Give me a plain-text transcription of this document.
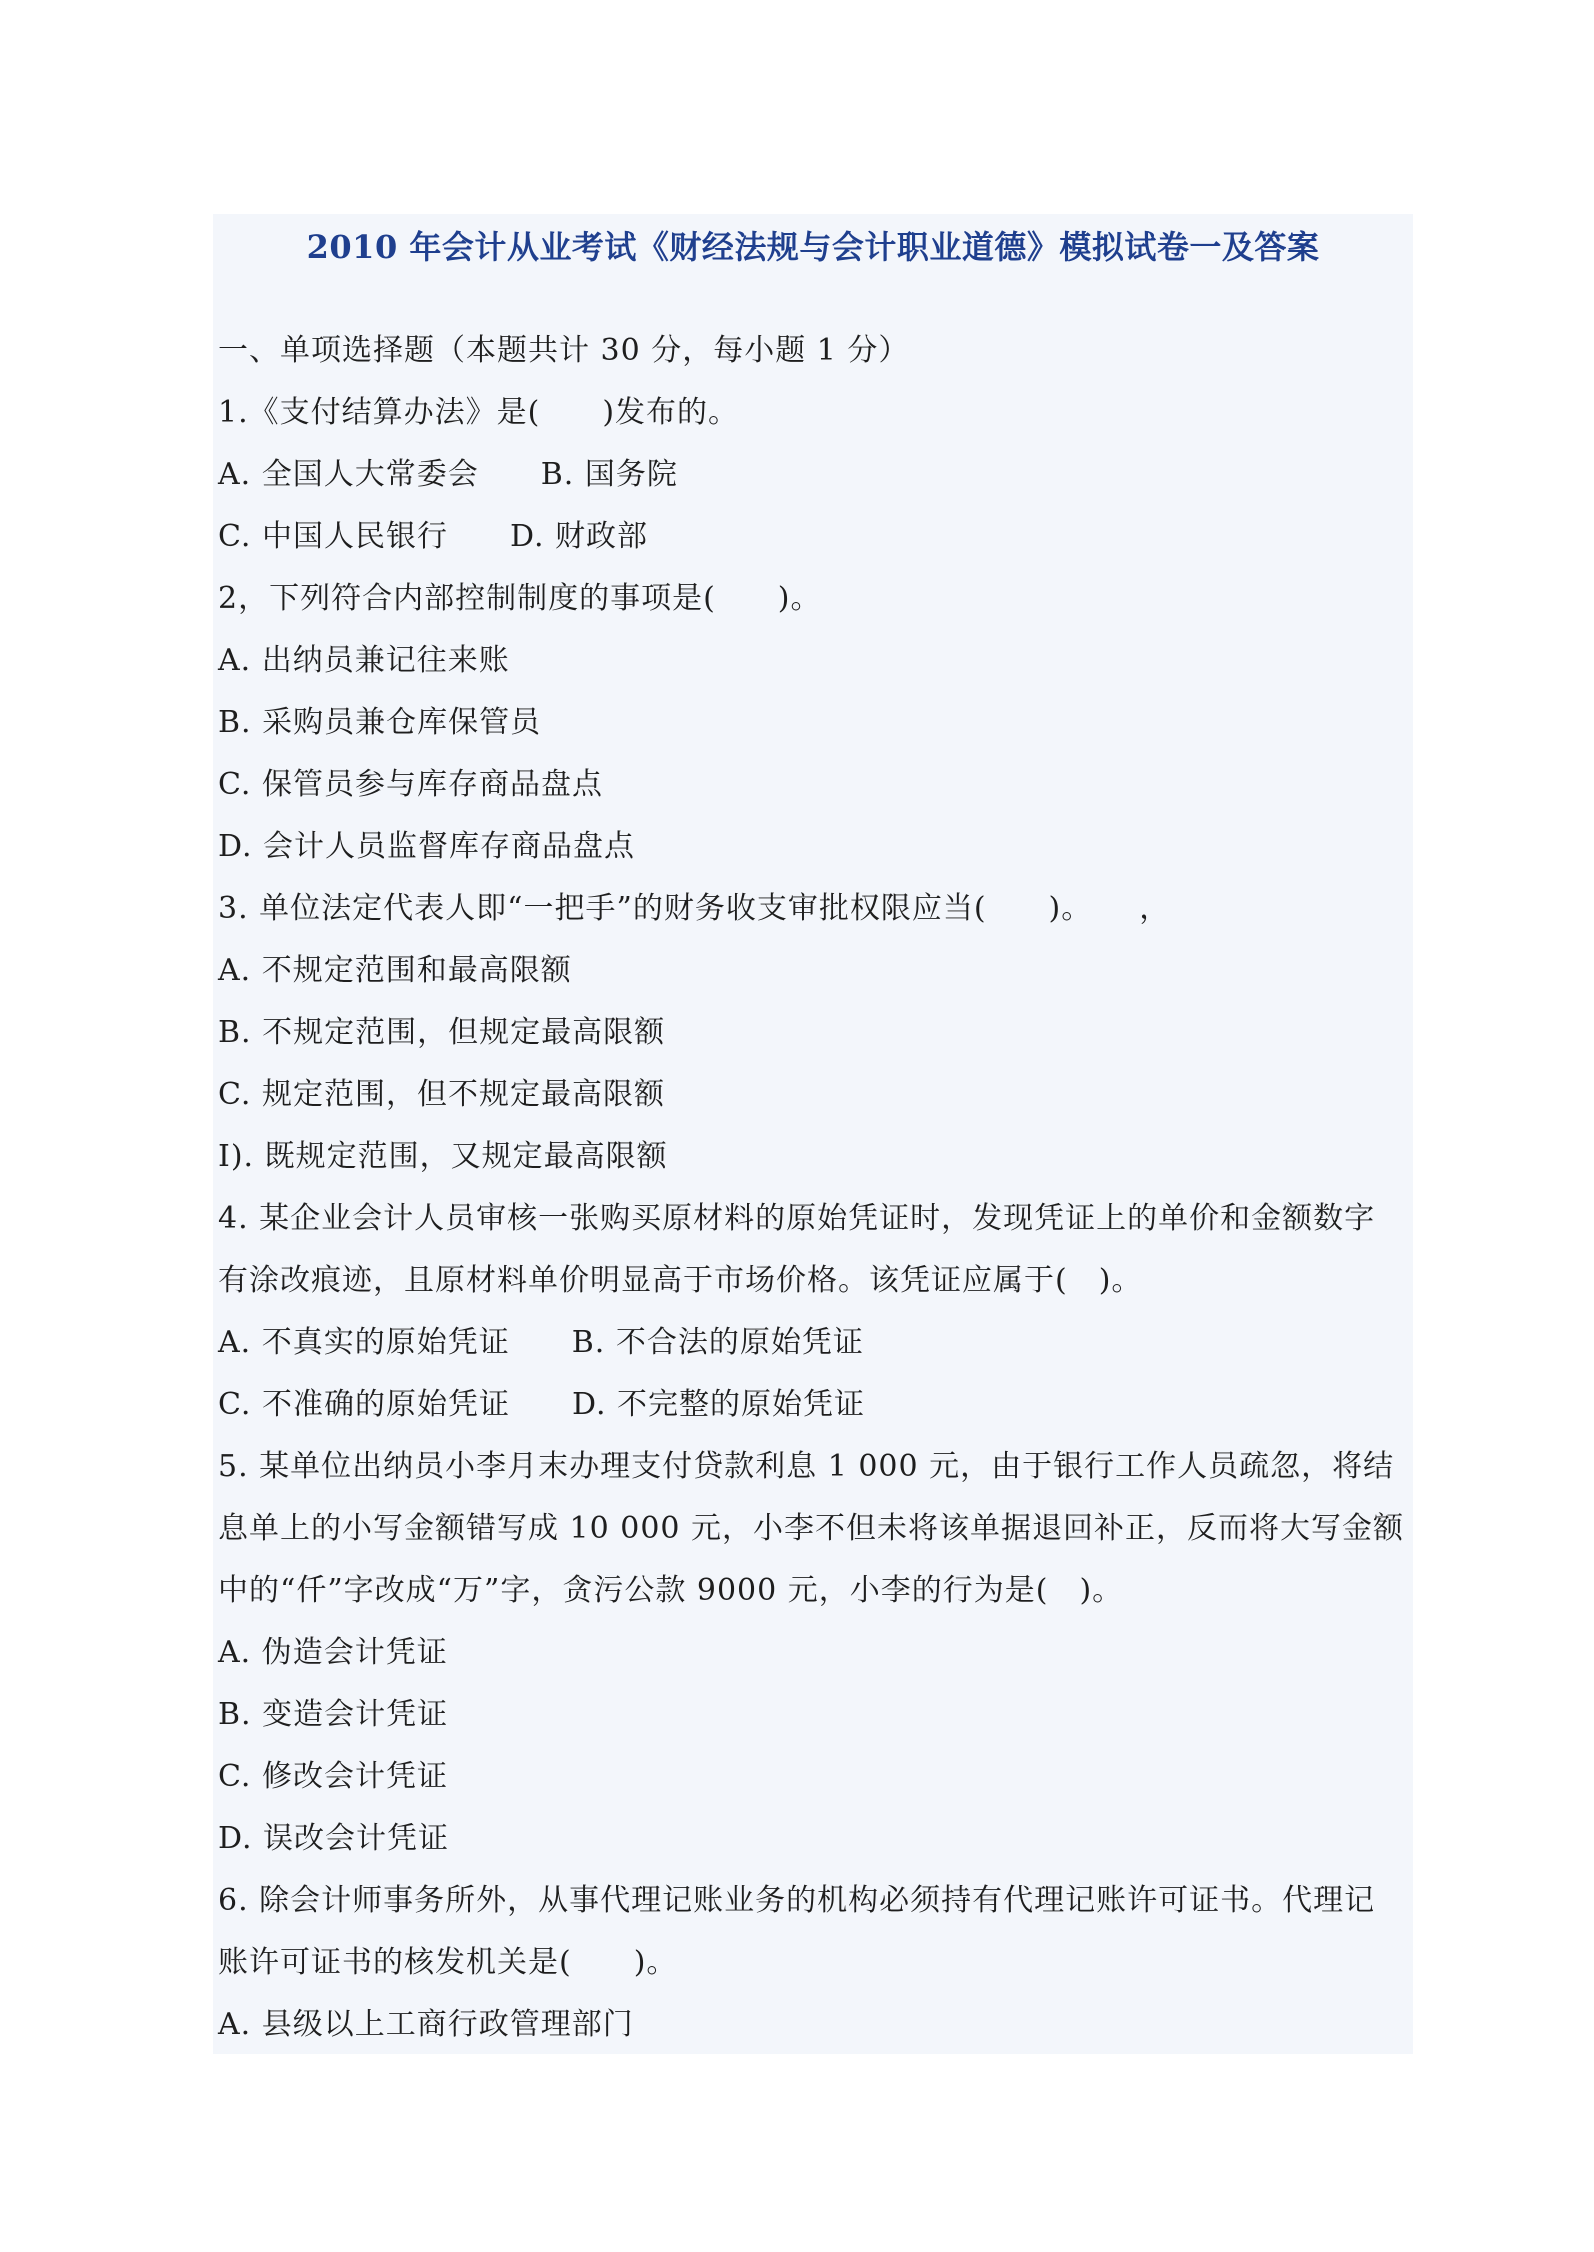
2010 年会计从业考试《财经法规与会计职业道德》模拟试卷一及答案
一、单项选择题（本题共计 30 分，每小题 1 分）
1.《支付结算办法》是(　　)发布的。
A. 全国人大常委会　　B. 国务院
C. 中国人民银行　　D. 财政部
2，下列符合内部控制制度的事项是(　　)。
A. 出纳员兼记往来账
B. 采购员兼仓库保管员
C. 保管员参与库存商品盘点
D. 会计人员监督库存商品盘点
3. 单位法定代表人即“一把手”的财务收支审批权限应当(　　)。　　，
A. 不规定范围和最高限额
B. 不规定范围，但规定最高限额
C. 规定范围，但不规定最高限额
I). 既规定范围，又规定最高限额
4. 某企业会计人员审核一张购买原材料的原始凭证时，发现凭证上的单价和金额数字
有涂改痕迹，且原材料单价明显高于市场价格。该凭证应属于(　)。
A. 不真实的原始凭证　　B. 不合法的原始凭证
C. 不准确的原始凭证　　D. 不完整的原始凭证
5. 某单位出纳员小李月末办理支付贷款利息 1 000 元，由于银行工作人员疏忽，将结
息单上的小写金额错写成 10 000 元，小李不但未将该单据退回补正，反而将大写金额
中的“仟”字改成“万”字，贪污公款 9000 元，小李的行为是(　)。
A. 伪造会计凭证
B. 变造会计凭证
C. 修改会计凭证
D. 误改会计凭证
6. 除会计师事务所外，从事代理记账业务的机构必须持有代理记账许可证书。代理记
账许可证书的核发机关是(　　)。
A. 县级以上工商行政管理部门
